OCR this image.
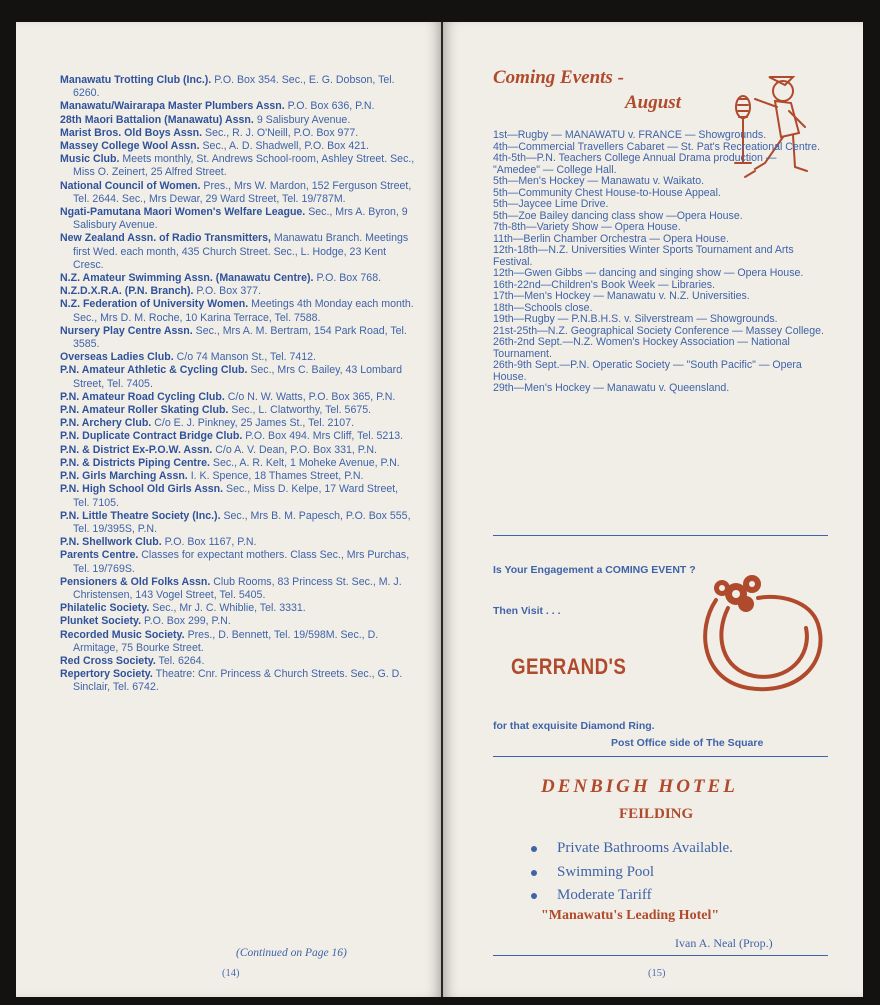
Manawatu Trotting Club (Inc.). P.O. Box 354. Sec., E. G. Dobson, Tel. 6260.

Manawatu/Wairarapa Master Plumbers Assn. P.O. Box 636, P.N.

28th Maori Battalion (Manawatu) Assn. 9 Salisbury Avenue.

Marist Bros. Old Boys Assn. Sec., R. J. O'Neill, P.O. Box 977.

Massey College Wool Assn. Sec., A. D. Shadwell, P.O. Box 421.

Music Club. Meets monthly, St. Andrews School-room, Ashley Street. Sec., Miss O. Zeinert, 25 Alfred Street.

National Council of Women. Pres., Mrs W. Mardon, 152 Ferguson Street, Tel. 2644. Sec., Mrs Dewar, 29 Ward Street, Tel. 19/787M.

Ngati-Pamutana Maori Women's Welfare League. Sec., Mrs A. Byron, 9 Salisbury Avenue.

New Zealand Assn. of Radio Transmitters, Manawatu Branch. Meetings first Wed. each month, 435 Church Street. Sec., L. Hodge, 23 Kent Cresc.

N.Z. Amateur Swimming Assn. (Manawatu Centre). P.O. Box 768.

N.Z.D.X.R.A. (P.N. Branch). P.O. Box 377.

N.Z. Federation of University Women. Meetings 4th Monday each month. Sec., Mrs D. M. Roche, 10 Karina Terrace, Tel. 7588.

Nursery Play Centre Assn. Sec., Mrs A. M. Bertram, 154 Park Road, Tel. 3585.

Overseas Ladies Club. C/o 74 Manson St., Tel. 7412.

P.N. Amateur Athletic & Cycling Club. Sec., Mrs C. Bailey, 43 Lombard Street, Tel. 7405.

P.N. Amateur Road Cycling Club. C/o N. W. Watts, P.O. Box 365, P.N.

P.N. Amateur Roller Skating Club. Sec., L. Clatworthy, Tel. 5675.

P.N. Archery Club. C/o E. J. Pinkney, 25 James St., Tel. 2107.

P.N. Duplicate Contract Bridge Club. P.O. Box 494. Mrs Cliff, Tel. 5213.

P.N. & District Ex-P.O.W. Assn. C/o A. V. Dean, P.O. Box 331, P.N.

P.N. & Districts Piping Centre. Sec., A. R. Kelt, 1 Moheke Avenue, P.N.

P.N. Girls Marching Assn. I. K. Spence, 18 Thames Street, P.N.

P.N. High School Old Girls Assn. Sec., Miss D. Kelpe, 17 Ward Street, Tel. 7105.

P.N. Little Theatre Society (Inc.). Sec., Mrs B. M. Papesch, P.O. Box 555, Tel. 19/395S, P.N.

P.N. Shellwork Club. P.O. Box 1167, P.N.

Parents Centre. Classes for expectant mothers. Class Sec., Mrs Purchas, Tel. 19/769S.

Pensioners & Old Folks Assn. Club Rooms, 83 Princess St. Sec., M. J. Christensen, 143 Vogel Street, Tel. 5405.

Philatelic Society. Sec., Mr J. C. Whiblie, Tel. 3331.

Plunket Society. P.O. Box 299, P.N.

Recorded Music Society. Pres., D. Bennett, Tel. 19/598M. Sec., D. Armitage, 75 Bourke Street.

Red Cross Society. Tel. 6264.

Repertory Society. Theatre: Cnr. Princess & Church Streets. Sec., G. D. Sinclair, Tel. 6742.

(Continued on Page 16)
(14)
Coming Events -
August

1st—Rugby — MANAWATU v. FRANCE — Showgrounds.

4th—Commercial Travellers Cabaret — St. Pat's Recreational Centre.

4th-5th—P.N. Teachers College Annual Drama production — "Amedee" — College Hall.

5th—Men's Hockey — Manawatu v. Waikato.

5th—Community Chest House-to-House Appeal.

5th—Jaycee Lime Drive.

5th—Zoe Bailey dancing class show —Opera House.

7th-8th—Variety Show — Opera House.

11th—Berlin Chamber Orchestra — Opera House.

12th-18th—N.Z. Universities Winter Sports Tournament and Arts Festival.

12th—Gwen Gibbs — dancing and singing show — Opera House.

16th-22nd—Children's Book Week — Libraries.

17th—Men's Hockey — Manawatu v. N.Z. Universities.

18th—Schools close.

19th—Rugby — P.N.B.H.S. v. Silverstream — Showgrounds.

21st-25th—N.Z. Geographical Society Conference — Massey College.

26th-2nd Sept.—N.Z. Women's Hockey Association — National Tournament.

26th-9th Sept.—P.N. Operatic Society — "South Pacific" — Opera House.

29th—Men's Hockey — Manawatu v. Queensland.

Is Your Engagement a COMING EVENT ?
Then Visit . . .
GERRAND'S
for that exquisite Diamond Ring.
Post Office side of The Square
DENBIGH HOTEL
FEILDING
Private Bathrooms Available.
Swimming Pool
Moderate Tariff
"Manawatu's Leading Hotel"
Ivan A. Neal (Prop.)
(15)
